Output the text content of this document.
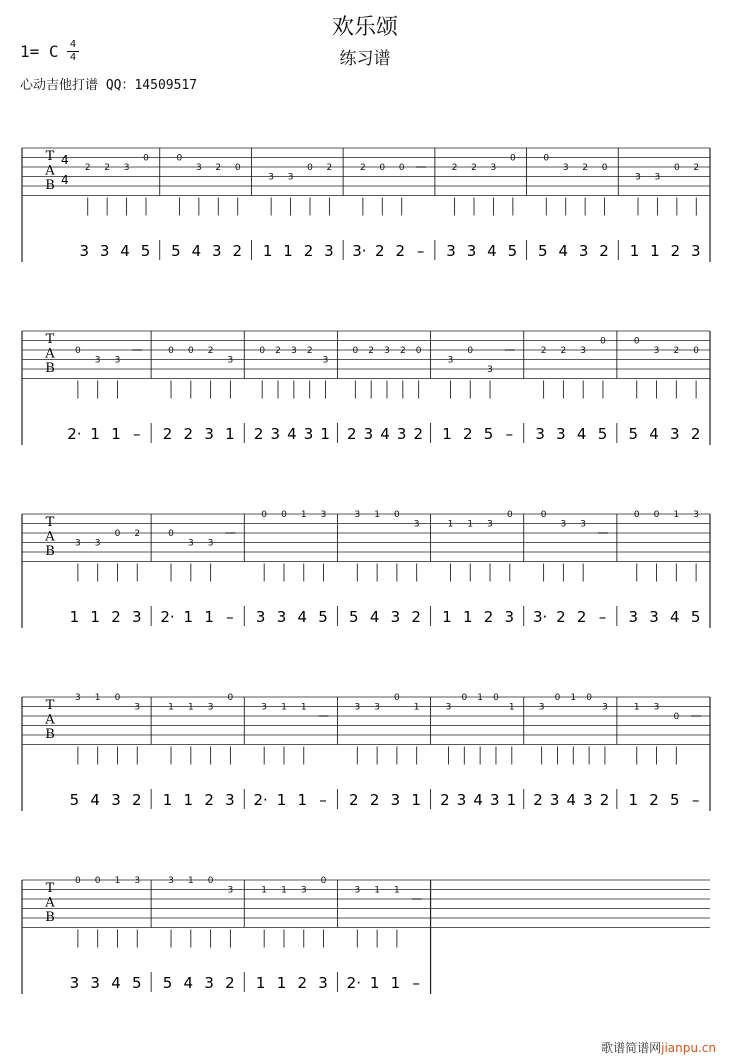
欢乐颂
练习谱
1= C 4
4
心动吉他打谱 QQ：14509517
T
A
B
4
4
2 2 3
0
3 3 4 5
0
3 2 0
5 4 3 2
3 3
0 2
1 1 2 3
2 0 0
3· 2 2 –
2 2 3
0
3 3 4 5
0
3 2 0
5 4 3 2
3 3
0 2
1 1 2 3
T
A
B
0
3 3
2· 1 1 –
0 0 2
3
2 2 3 1
0 2 3 2
3
2 3 4 3 1
0 2 3 2 0
2 3 4 3 2
3
0
3
1 2 5 –
2 2 3
0
3 3 4 5
0
3 2 0
5 4 3 2
T
A
B
3 3
0 2
1 1 2 3
0
3 3
2· 1 1 –
0 0 1 3
3 3 4 5
3 1 0
3
5 4 3 2
1 1 3
0
1 1 2 3
0
3 3
3· 2 2 –
0 0 1 3
3 3 4 5
T
A
B
3 1 0
3
5 4 3 2
1 1 3
0
1 1 2 3
3 1 1
2· 1 1 –
3 3
0
1
2 2 3 1
3
0 1 0
1
2 3 4 3 1
3
0 1 0
3
2 3 4 3 2
1 3
0
1 2 5 –
T
A
B
0 0 1 3
3 3 4 5
3 1 0
3
5 4 3 2
1 1 3
0
1 1 2 3
3 1 1
2· 1 1 –
歌谱简谱网jianpu.cn
